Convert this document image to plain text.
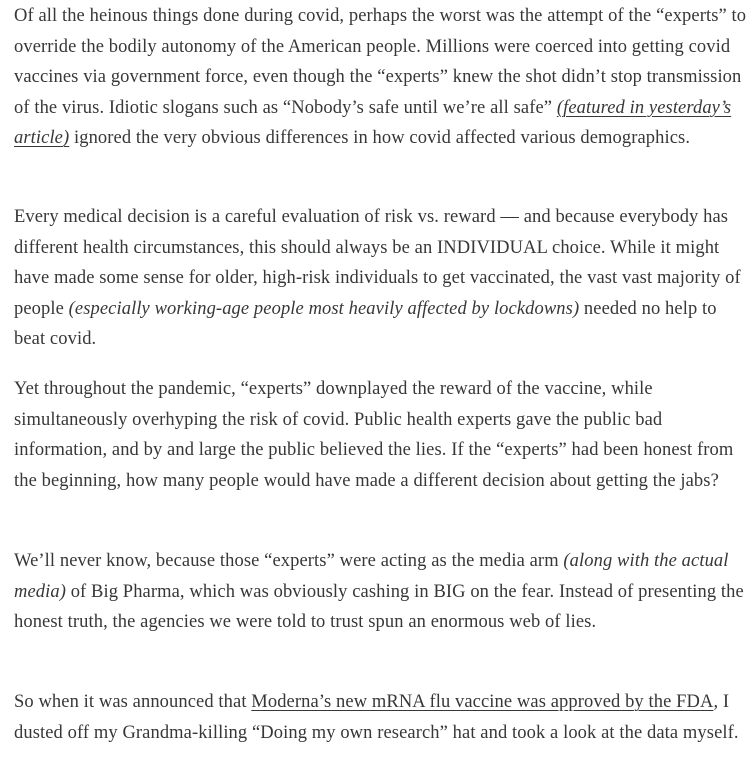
Of all the heinous things done during covid, perhaps the worst was the attempt of the “experts” to override the bodily autonomy of the American people. Millions were coerced into getting covid vaccines via government force, even though the “experts” knew the shot didn’t stop transmission of the virus. Idiotic slogans such as “Nobody’s safe until we’re all safe” (featured in yesterday’s article) ignored the very obvious differences in how covid affected various demographics.

Every medical decision is a careful evaluation of risk vs. reward — and because everybody has different health circumstances, this should always be an INDIVIDUAL choice. While it might have made some sense for older, high-risk individuals to get vaccinated, the vast vast majority of people (especially working-age people most heavily affected by lockdowns) needed no help to beat covid.

Yet throughout the pandemic, “experts” downplayed the reward of the vaccine, while simultaneously overhyping the risk of covid. Public health experts gave the public bad information, and by and large the public believed the lies. If the “experts” had been honest from the beginning, how many people would have made a different decision about getting the jabs?

We’ll never know, because those “experts” were acting as the media arm (along with the actual media) of Big Pharma, which was obviously cashing in BIG on the fear. Instead of presenting the honest truth, the agencies we were told to trust spun an enormous web of lies.

So when it was announced that Moderna’s new mRNA flu vaccine was approved by the FDA, I dusted off my Grandma-killing “Doing my own research” hat and took a look at the data myself.
